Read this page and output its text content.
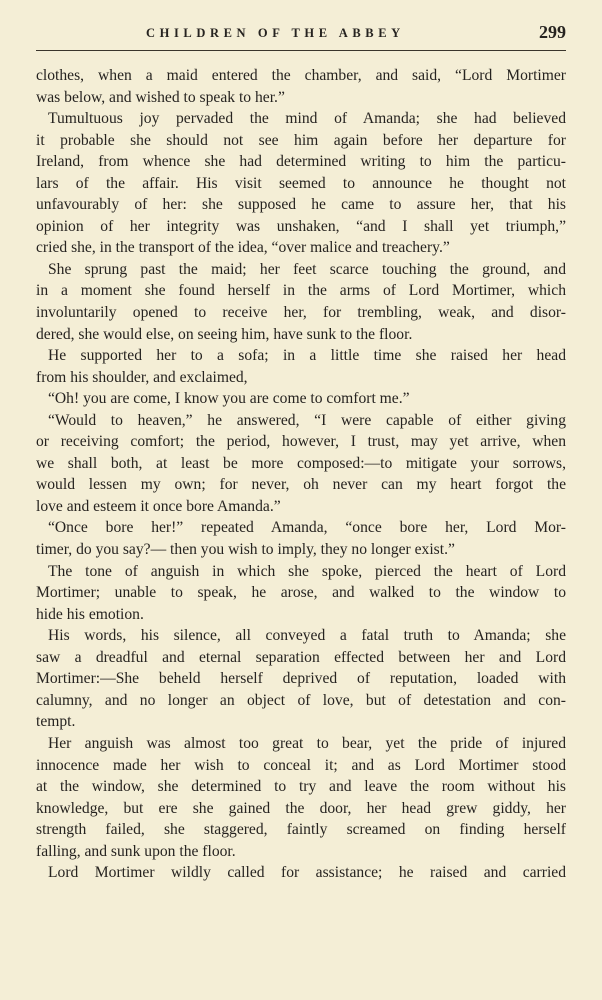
CHILDREN OF THE ABBEY	299

clothes, when a maid entered the chamber, and said, “Lord Mortimer
was below, and wished to speak to her.”

Tumultuous joy pervaded the mind of Amanda; she had believed
it probable she should not see him again before her departure for
Ireland, from whence she had determined writing to him the particu-
lars of the affair. His visit seemed to announce he thought not
unfavourably of her: she supposed he came to assure her, that his
opinion of her integrity was unshaken, “and I shall yet triumph,”
cried she, in the transport of the idea, “over malice and treachery.”

She sprung past the maid; her feet scarce touching the ground, and
in a moment she found herself in the arms of Lord Mortimer, which
involuntarily opened to receive her, for trembling, weak, and disor-
dered, she would else, on seeing him, have sunk to the floor.

He supported her to a sofa; in a little time she raised her head
from his shoulder, and exclaimed,

“Oh! you are come, I know you are come to comfort me.”

“Would to heaven,” he answered, “I were capable of either giving
or receiving comfort; the period, however, I trust, may yet arrive, when
we shall both, at least be more composed:—to mitigate your sorrows,
would lessen my own; for never, oh never can my heart forgot the
love and esteem it once bore Amanda.”

“Once bore her!” repeated Amanda, “once bore her, Lord Mor-
timer, do you say?— then you wish to imply, they no longer exist.”

The tone of anguish in which she spoke, pierced the heart of Lord
Mortimer; unable to speak, he arose, and walked to the window to
hide his emotion.

His words, his silence, all conveyed a fatal truth to Amanda; she
saw a dreadful and eternal separation effected between her and Lord
Mortimer:—She beheld herself deprived of reputation, loaded with
calumny, and no longer an object of love, but of detestation and con-
tempt.

Her anguish was almost too great to bear, yet the pride of injured
innocence made her wish to conceal it; and as Lord Mortimer stood
at the window, she determined to try and leave the room without his
knowledge, but ere she gained the door, her head grew giddy, her
strength failed, she staggered, faintly screamed on finding herself
falling, and sunk upon the floor.

Lord Mortimer wildly called for assistance; he raised and carried
